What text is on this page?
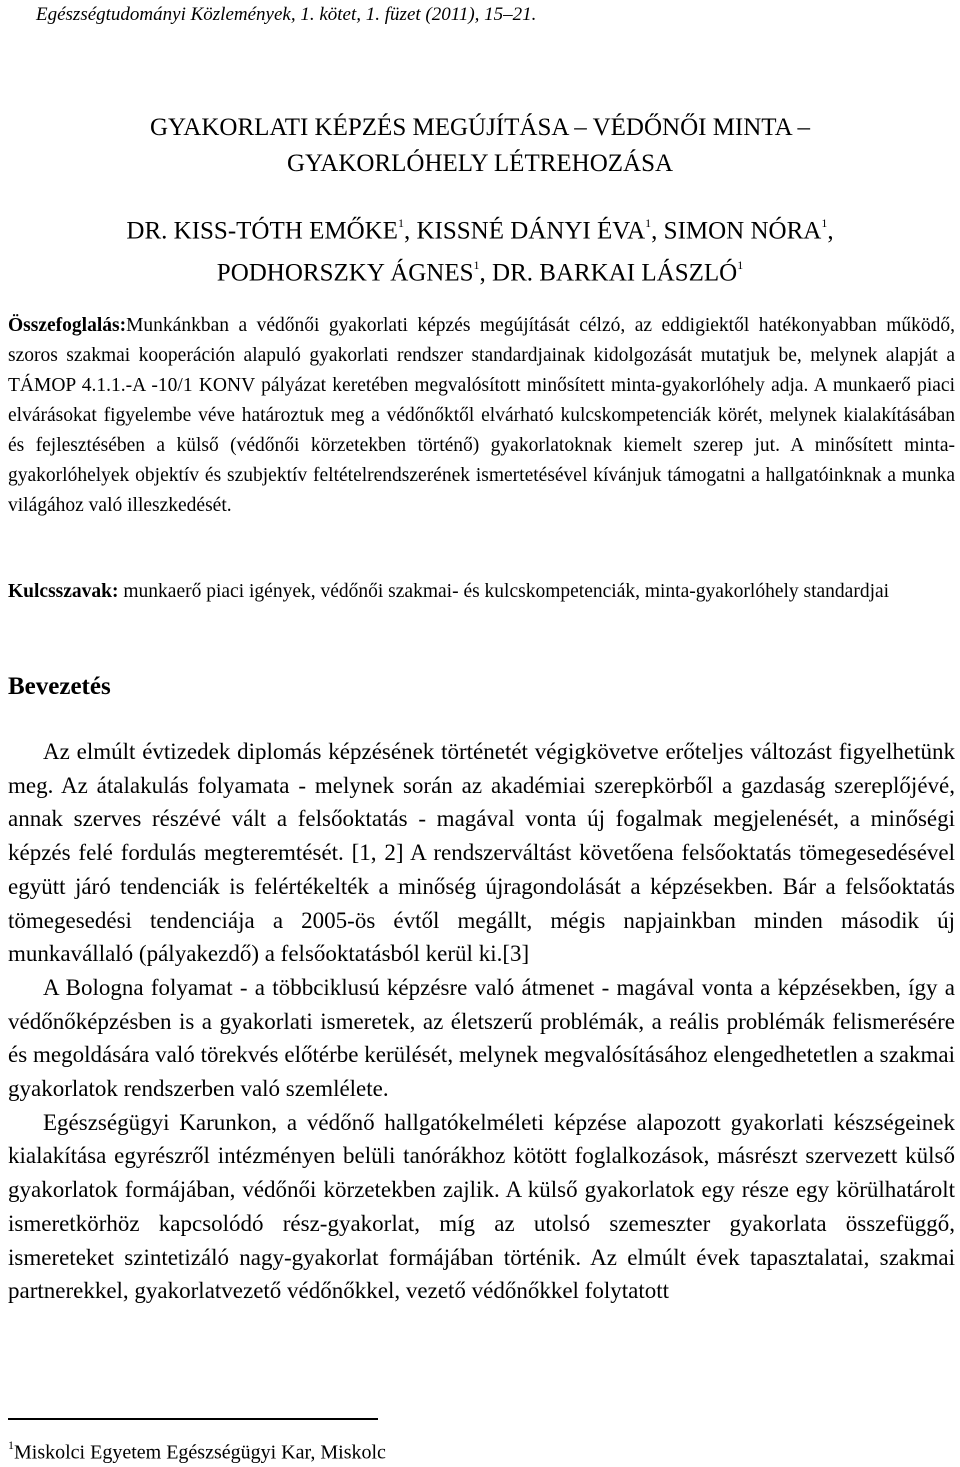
Egészségtudományi Közlemények, 1. kötet, 1. füzet (2011), 15–21.
GYAKORLATI KÉPZÉS MEGÚJÍTÁSA – VÉDŐNŐI MINTA –
GYAKORLÓHELY LÉTREHOZÁSA
DR. KISS-TÓTH EMŐKE$^1$, KISSNÉ DÁNYI ÉVA$^1$, SIMON NÓRA$^1$,
PODHORSZKY ÁGNES$^1$, DR. BARKAI LÁSZLÓ$^1$

Összefoglalás:Munkánkban a védőnői gyakorlati képzés megújítását célzó, az eddigiektől hatékonyabban működő, szoros szakmai kooperáción alapuló gyakorlati rendszer standardjainak kidolgozását mutatjuk be, melynek alapját a TÁMOP 4.1.1.-A -10/1 KONV pályázat keretében megvalósított minősített minta-gyakorlóhely adja. A munkaerő piaci elvárásokat figyelembe véve határoztuk meg a védőnőktől elvárható kulcskompetenciák körét, melynek kialakításában és fejlesztésében a külső (védőnői körzetekben történő) gyakorlatoknak kiemelt szerep jut. A minősített minta-gyakorlóhelyek objektív és szubjektív feltételrendszerének ismertetésével kívánjuk támogatni a hallgatóinknak a munka világához való illeszkedését.

Kulcsszavak: munkaerő piaci igények, védőnői szakmai- és kulcskompetenciák, minta-gyakorlóhely standardjai

Bevezetés

Az elmúlt évtizedek diplomás képzésének történetét végigkövetve erőteljes változást figyelhetünk meg. Az átalakulás folyamata - melynek során az akadémiai szerepkörből a gazdaság szereplőjévé, annak szerves részévé vált a felsőoktatás - magával vonta új fogalmak megjelenését, a minőségi képzés felé fordulás megteremtését. [1, 2] A rendszerváltást követőena felsőoktatás tömegesedésével együtt járó tendenciák is felértékelték a minőség újragondolását a képzésekben. Bár a felsőoktatás tömegesedési tendenciája a 2005-ös évtől megállt, mégis napjainkban minden második új munkavállaló (pályakezdő) a felsőoktatásból kerül ki.[3]

A Bologna folyamat - a többciklusú képzésre való átmenet - magával vonta a képzésekben, így a védőnőképzésben is a gyakorlati ismeretek, az életszerű problémák, a reális problémák felismerésére és megoldására való törekvés előtérbe kerülését, melynek megvalósításához elengedhetetlen a szakmai gyakorlatok rendszerben való szemlélete.

Egészségügyi Karunkon, a védőnő hallgatókelméleti képzése alapozott gyakorlati készségeinek kialakítása egyrészről intézményen belüli tanórákhoz kötött foglalkozások, másrészt szervezett külső gyakorlatok formájában, védőnői körzetekben zajlik. A külső gyakorlatok egy része egy körülhatárolt ismeretkörhöz kapcsolódó rész-gyakorlat, míg az utolsó szemeszter gyakorlata összefüggő, ismereteket szintetizáló nagy-gyakorlat formájában történik. Az elmúlt évek tapasztalatai, szakmai partnerekkel, gyakorlatvezető védőnőkkel, vezető védőnőkkel folytatott

$^1$Miskolci Egyetem Egészségügyi Kar, Miskolc
